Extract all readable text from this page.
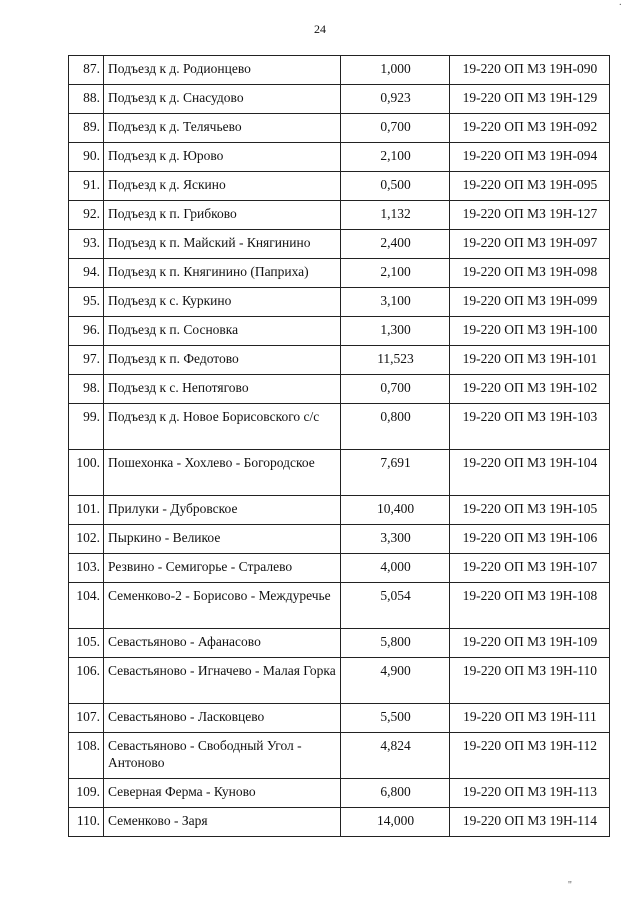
·
24
87.	Подъезд к д. Родионцево	1,000	19-220 ОП МЗ 19Н-090
88.	Подъезд к д. Снасудово	0,923	19-220 ОП МЗ 19Н-129
89.	Подъезд к д. Телячьево	0,700	19-220 ОП МЗ 19Н-092
90.	Подъезд к д. Юрово	2,100	19-220 ОП МЗ 19Н-094
91.	Подъезд к д. Яскино	0,500	19-220 ОП МЗ 19Н-095
92.	Подъезд к п. Грибково	1,132	19-220 ОП МЗ 19Н-127
93.	Подъезд к п. Майский - Княгинино	2,400	19-220 ОП МЗ 19Н-097
94.	Подъезд к п. Княгинино (Паприха)	2,100	19-220 ОП МЗ 19Н-098
95.	Подъезд к с. Куркино	3,100	19-220 ОП МЗ 19Н-099
96.	Подъезд к п. Сосновка	1,300	19-220 ОП МЗ 19Н-100
97.	Подъезд к п. Федотово	11,523	19-220 ОП МЗ 19Н-101
98.	Подъезд к с. Непотягово	0,700	19-220 ОП МЗ 19Н-102
99.	Подъезд к д. Новое Борисовского с/с	0,800	19-220 ОП МЗ 19Н-103
100.	Пошехонка - Хохлево - Богородское	7,691	19-220 ОП МЗ 19Н-104
101.	Прилуки - Дубровское	10,400	19-220 ОП МЗ 19Н-105
102.	Пыркино - Великое	3,300	19-220 ОП МЗ 19Н-106
103.	Резвино - Семигорье - Стралево	4,000	19-220 ОП МЗ 19Н-107
104.	Семенково-2 - Борисово - Междуречье	5,054	19-220 ОП МЗ 19Н-108
105.	Севастьяново - Афанасово	5,800	19-220 ОП МЗ 19Н-109
106.	Севастьяново - Игначево - Малая Горка	4,900	19-220 ОП МЗ 19Н-110
107.	Севастьяново - Ласковцево	5,500	19-220 ОП МЗ 19Н-111
108.	Севастьяново - Свободный Угол - Антоново	4,824	19-220 ОП МЗ 19Н-112
109.	Северная Ферма - Куново	6,800	19-220 ОП МЗ 19Н-113
110.	Семенково - Заря	14,000	19-220 ОП МЗ 19Н-114
"
